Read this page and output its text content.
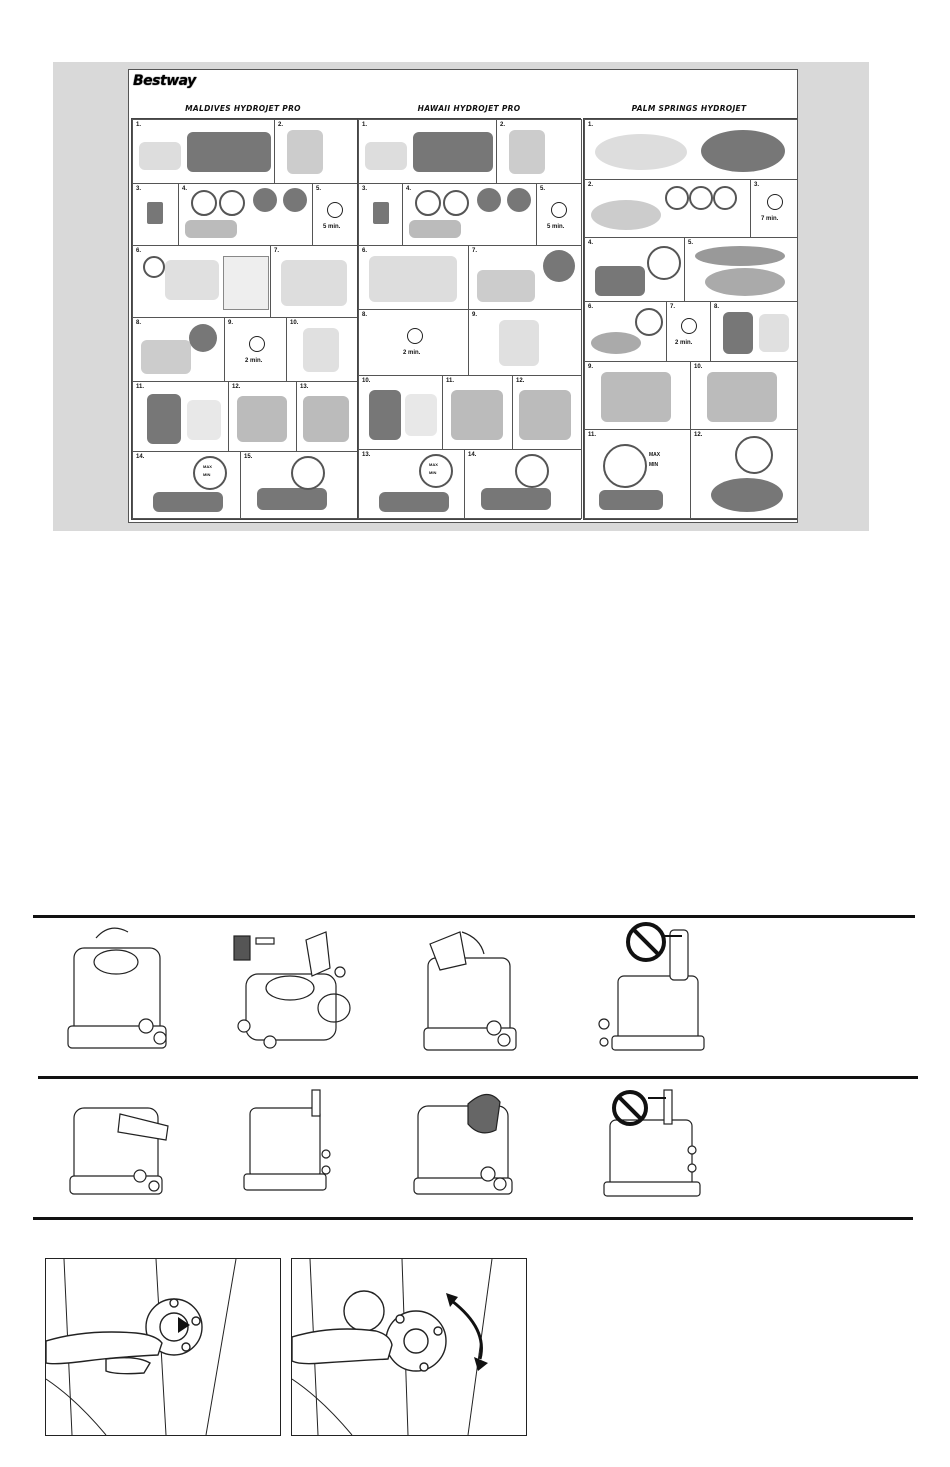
Bestway
MALDIVES HYDROJET PRO	HAWAII HYDROJET PRO	PALM SPRINGS HYDROJET
1.	2.
3.	4.	5.
5 min.
6.	7.
8.	9.
2 min.
10.
11.	12.	13.
14.
MAX
MIN
15.
1.	2.
3.	4.	5.
5 min.
6.	7.
8.
2 min.
9.
10.	11.	12.
13.
MAX
MIN
14.
1.
2.	3.
7 min.
4.	5.
6.	7.
2 min.
8.
9.	10.
11.
MAX
MIN
12.
